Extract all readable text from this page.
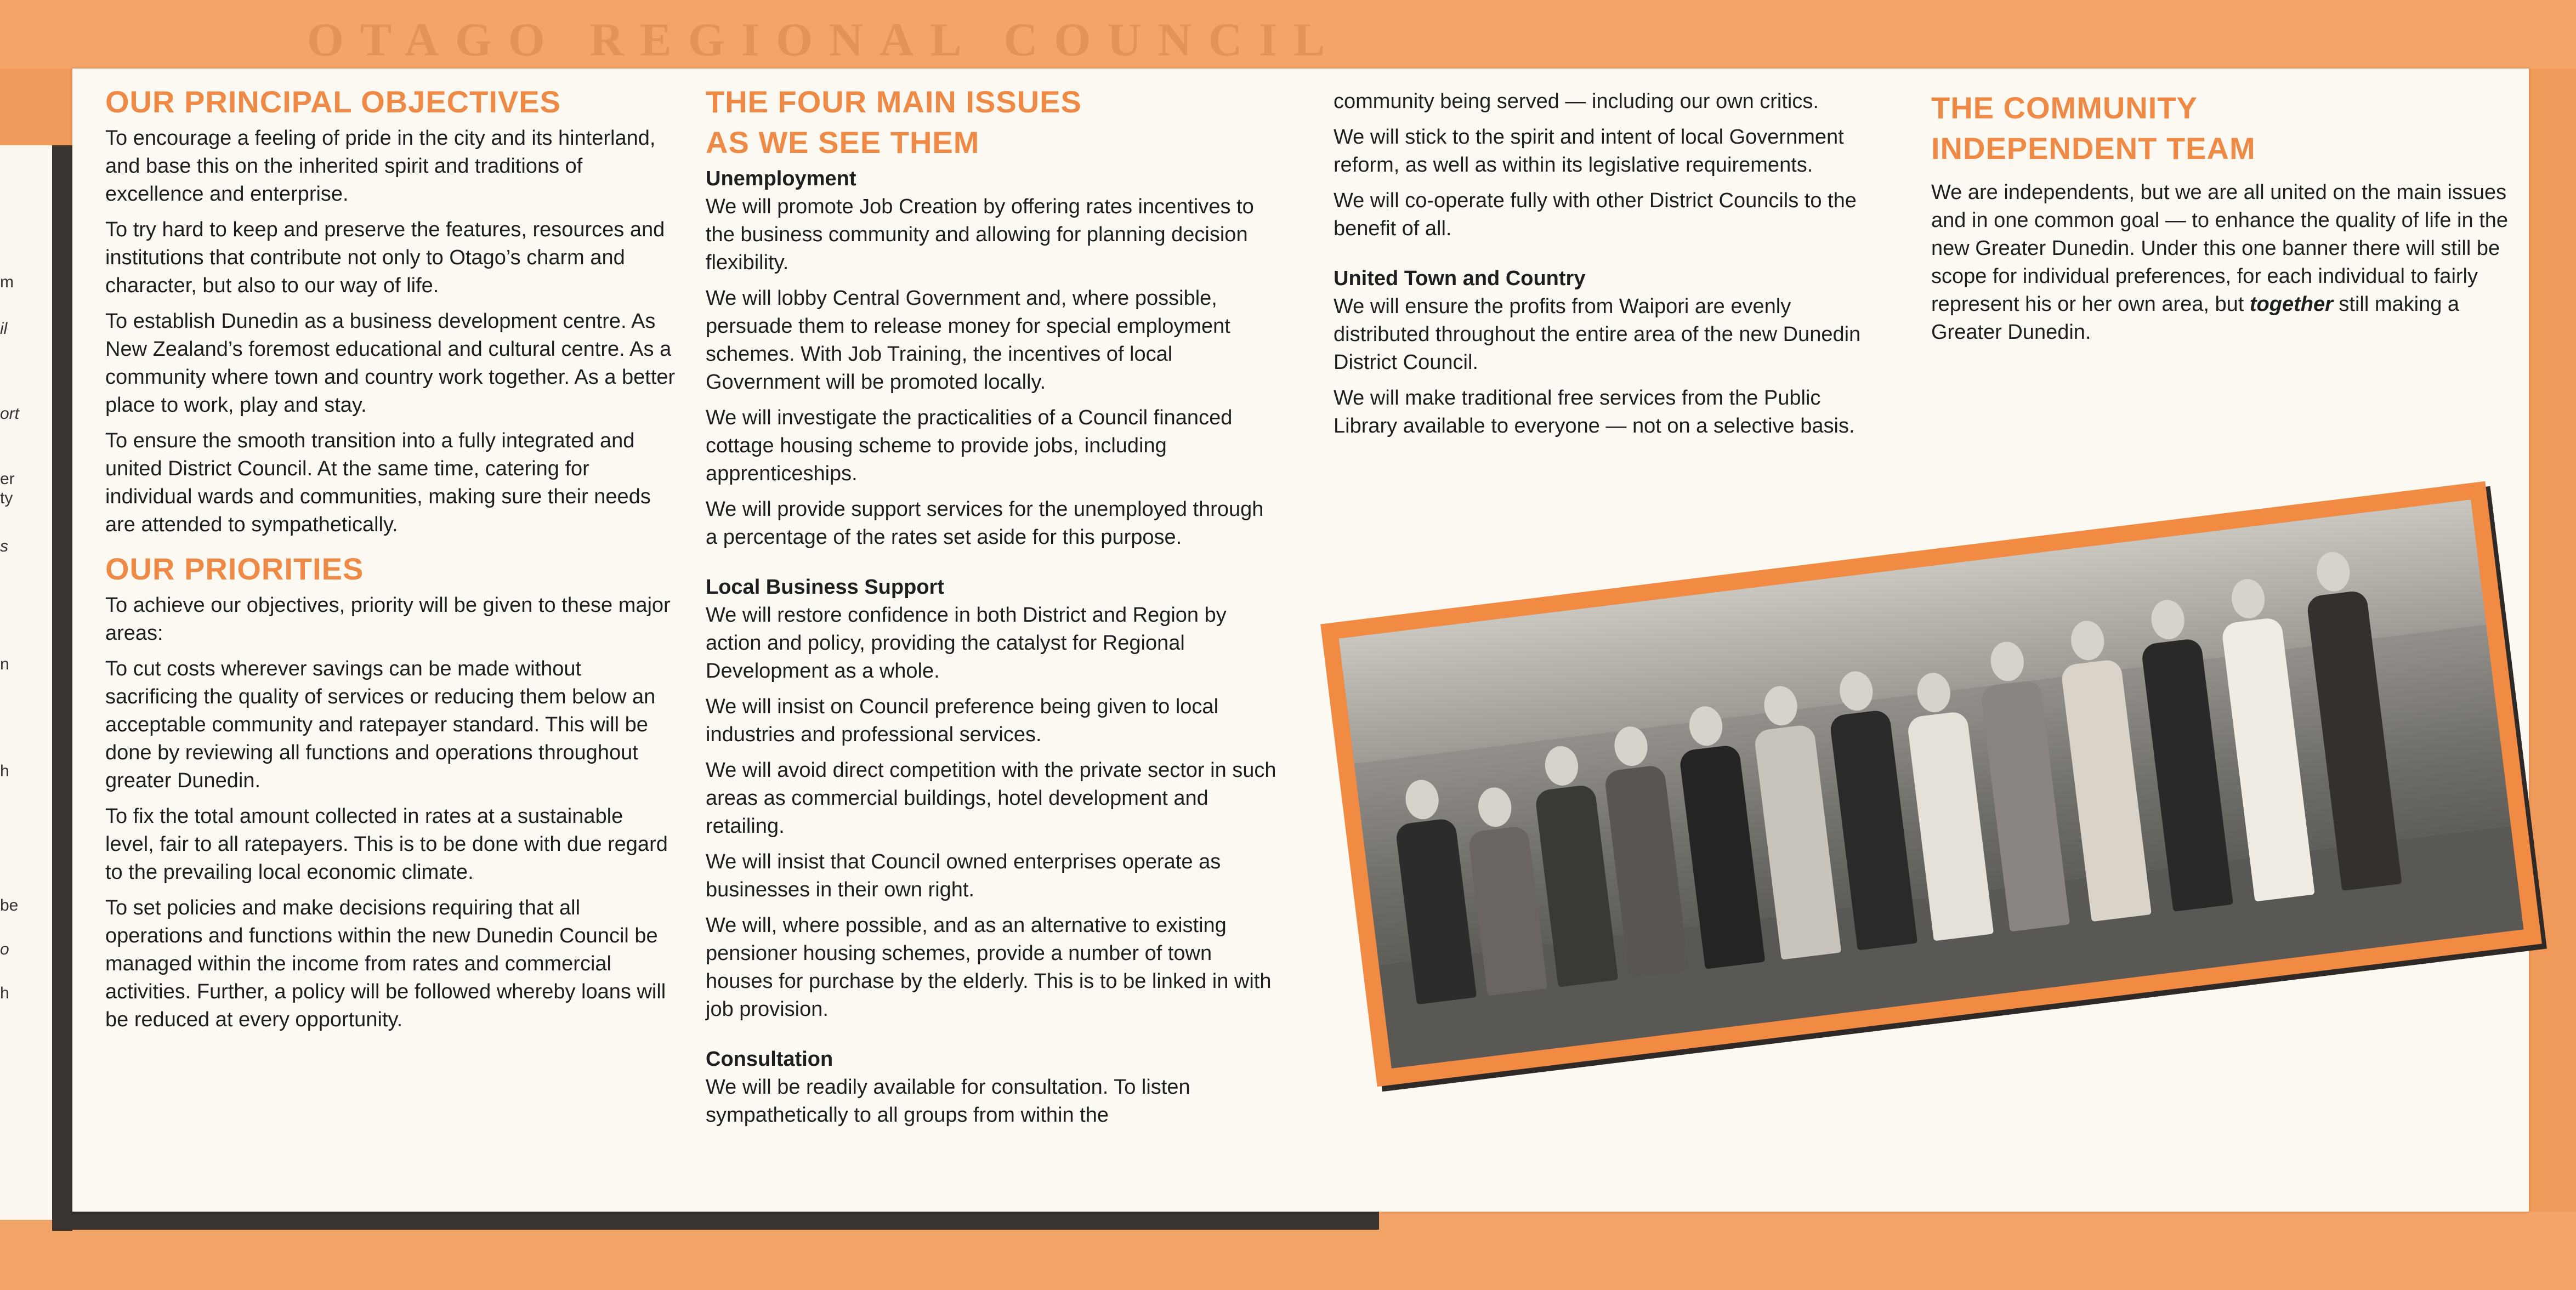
OTAGO REGIONAL COUNCIL
m
il
ort
er
ty
s
n
h
be
o
h
OUR PRINCIPAL OBJECTIVES

To encourage a feeling of pride in the city and its hinterland, and base this on the inherited spirit and traditions of excellence and enterprise.

To try hard to keep and preserve the features, resources and institutions that contribute not only to Otago’s charm and character, but also to our way of life.

To establish Dunedin as a business development centre. As New Zealand’s foremost educational and cultural centre. As a community where town and country work together. As a better place to work, play and stay.

To ensure the smooth transition into a fully integrated and united District Council. At the same time, catering for individual wards and communities, making sure their needs are attended to sympathetically.

OUR PRIORITIES

To achieve our objectives, priority will be given to these major areas:

To cut costs wherever savings can be made without sacrificing the quality of services or reducing them below an acceptable community and ratepayer standard. This will be done by reviewing all functions and operations throughout greater Dunedin.

To fix the total amount collected in rates at a sustainable level, fair to all ratepayers. This is to be done with due regard to the prevailing local economic climate.

To set policies and make decisions requiring that all operations and functions within the new Dunedin Council be managed within the income from rates and commercial activities. Further, a policy will be followed whereby loans will be reduced at every opportunity.

THE FOUR MAIN ISSUES
AS WE SEE THEM
Unemployment

We will promote Job Creation by offering rates incentives to the business community and allowing for planning decision flexibility.

We will lobby Central Government and, where possible, persuade them to release money for special employment schemes. With Job Training, the incentives of local Government will be promoted locally.

We will investigate the practicalities of a Council financed cottage housing scheme to provide jobs, including apprenticeships.

We will provide support services for the unemployed through a percentage of the rates set aside for this purpose.

Local Business Support

We will restore confidence in both District and Region by action and policy, providing the catalyst for Regional Development as a whole.

We will insist on Council preference being given to local industries and professional services.

We will avoid direct competition with the private sector in such areas as commercial buildings, hotel development and retailing.

We will insist that Council owned enterprises operate as businesses in their own right.

We will, where possible, and as an alternative to existing pensioner housing schemes, provide a number of town houses for purchase by the elderly. This is to be linked in with job provision.

Consultation

We will be readily available for consultation. To listen sympathetically to all groups from within the

community being served — including our own critics.

We will stick to the spirit and intent of local Government reform, as well as within its legislative requirements.

We will co-operate fully with other District Councils to the benefit of all.

United Town and Country

We will ensure the profits from Waipori are evenly distributed throughout the entire area of the new Dunedin District Council.

We will make traditional free services from the Public Library available to everyone — not on a selective basis.

THE COMMUNITY
INDEPENDENT TEAM

We are independents, but we are all united on the main issues and in one common goal — to enhance the quality of life in the new Greater Dunedin. Under this one banner there will still be scope for individual preferences, for each individual to fairly represent his or her own area, but together still making a Greater Dunedin.
